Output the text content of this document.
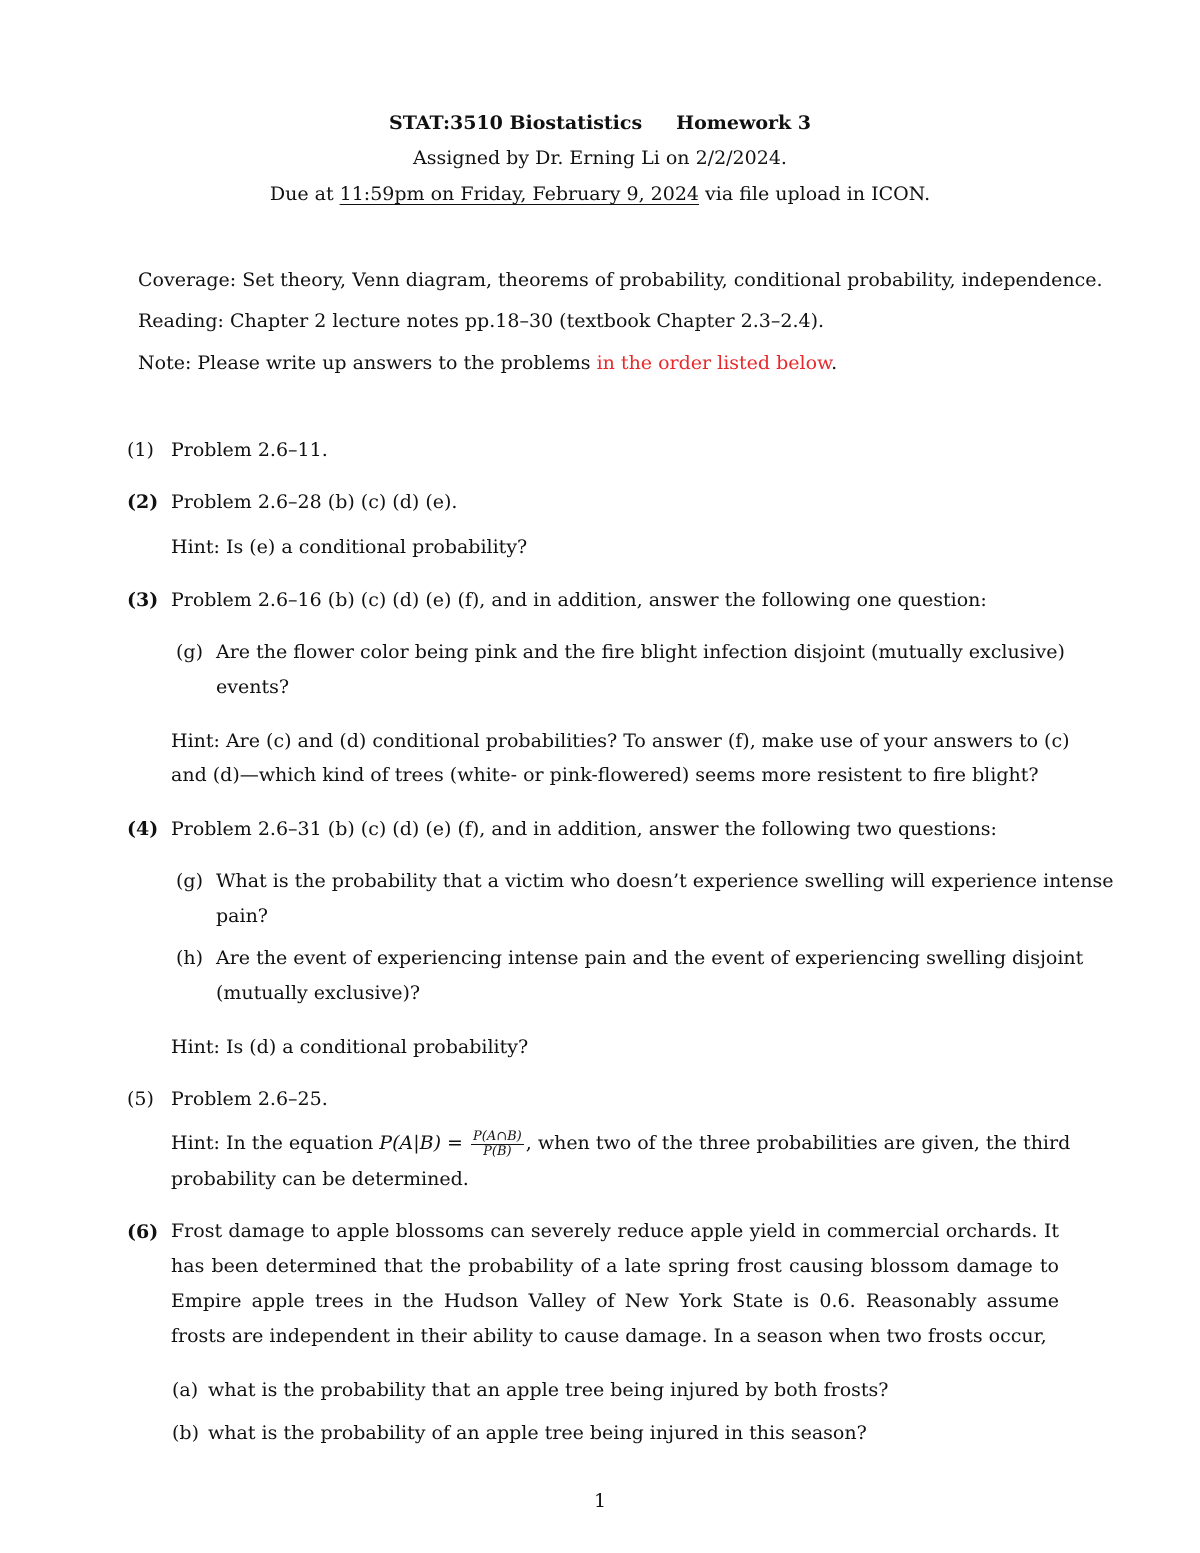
STAT:3510 Biostatistics Homework 3
Assigned by Dr. Erning Li on 2/2/2024.
Due at 11:59pm on Friday, February 9, 2024 via file upload in ICON.
Coverage: Set theory, Venn diagram, theorems of probability, conditional probability, independence.
Reading: Chapter 2 lecture notes pp.18–30 (textbook Chapter 2.3–2.4).
Note: Please write up answers to the problems in the order listed below.
(1) Problem 2.6–11.
(2) Problem 2.6–28 (b) (c) (d) (e).
Hint: Is (e) a conditional probability?
(3) Problem 2.6–16 (b) (c) (d) (e) (f), and in addition, answer the following one question:
(g) Are the flower color being pink and the fire blight infection disjoint (mutually exclusive)
events?
Hint: Are (c) and (d) conditional probabilities? To answer (f), make use of your answers to (c)
and (d)—which kind of trees (white- or pink-flowered) seems more resistent to fire blight?
(4) Problem 2.6–31 (b) (c) (d) (e) (f), and in addition, answer the following two questions:
(g) What is the probability that a victim who doesn’t experience swelling will experience intense
pain?
(h) Are the event of experiencing intense pain and the event of experiencing swelling disjoint
(mutually exclusive)?
Hint: Is (d) a conditional probability?
(5) Problem 2.6–25.
Hint: In the equation $P(A|B) = \frac{P(A\cap B)}{P(B)}$ , when two of the three probabilities are given, the third
probability can be determined.
(6) Frost damage to apple blossoms can severely reduce apple yield in commercial orchards. It has been determined that the probability of a late spring frost causing blossom damage to Empire apple trees in the Hudson Valley of New York State is 0.6. Reasonably assume frosts are independent in their ability to cause damage. In a season when two frosts occur,
(a) what is the probability that an apple tree being injured by both frosts?
(b) what is the probability of an apple tree being injured in this season?
1
